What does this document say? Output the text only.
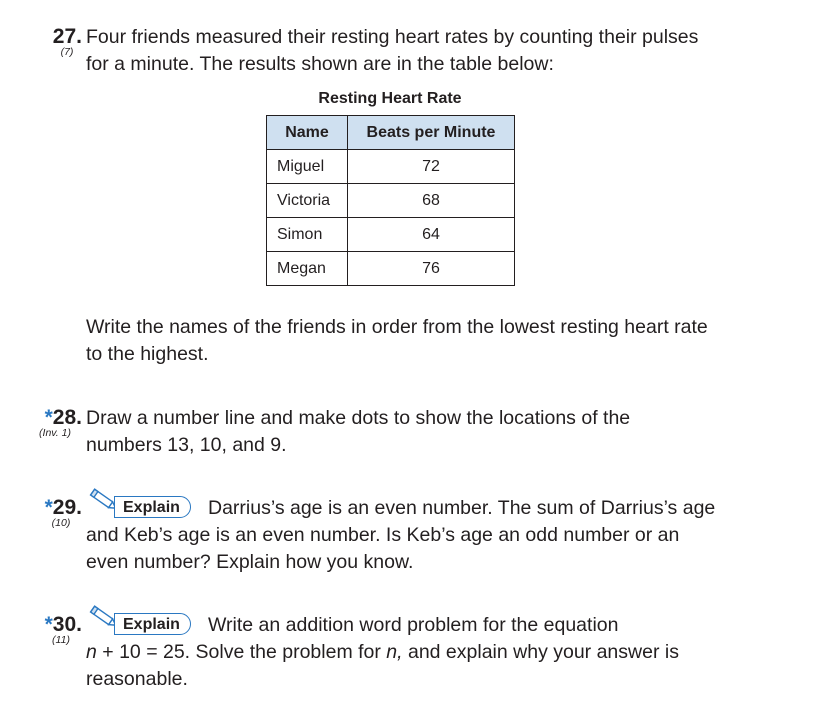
27.
(7)
Four friends measured their resting heart rates by counting their pulses
for a minute. The results shown are in the table below:
Resting Heart Rate
Name	Beats per Minute
Miguel	72
Victoria	68
Simon	64
Megan	76
Write the names of the friends in order from the lowest resting heart rate
to the highest.
*28.
(Inv. 1)
Draw a number line and make dots to show the locations of the
numbers 13, 10, and 9.
*29.
(10)
Explain	Darrius’s age is an even number. The sum of Darrius’s age
and Keb’s age is an even number. Is Keb’s age an odd number or an
even number? Explain how you know.
*30.
(11)
Explain	Write an addition word problem for the equation
n + 10 = 25. Solve the problem for n, and explain why your answer is
reasonable.
